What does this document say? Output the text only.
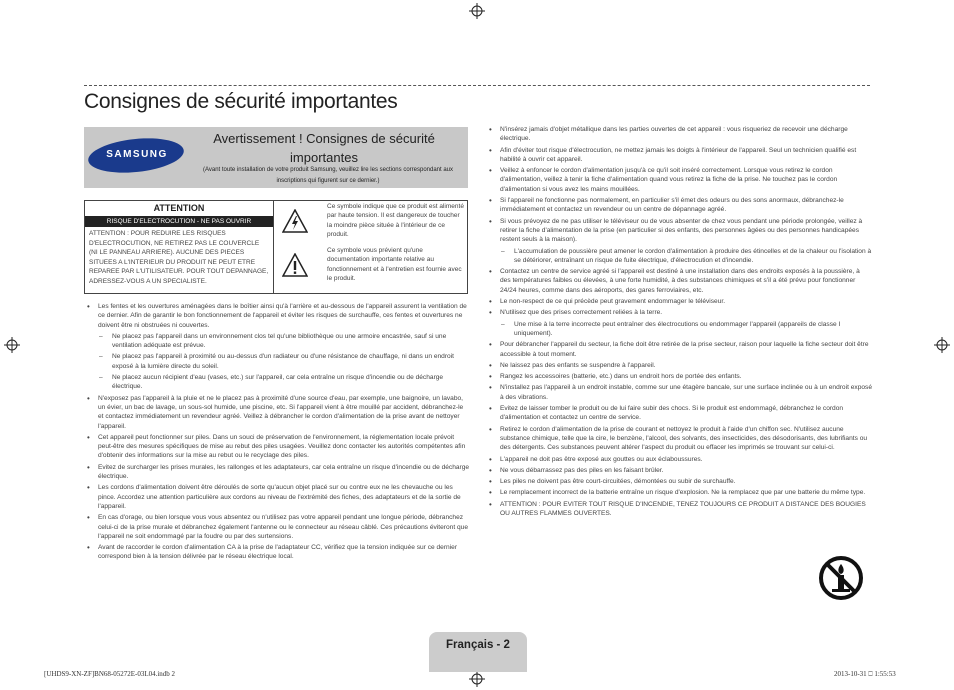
Consignes de sécurité importantes
SAMSUNG
Avertissement ! Consignes de sécurité importantes
(Avant toute installation de votre produit Samsung, veuillez lire les sections correspondant aux inscriptions qui figurent sur ce dernier.)
ATTENTION
RISQUE D'ELECTROCUTION - NE PAS OUVRIR
ATTENTION : POUR REDUIRE LES RISQUES D'ELECTROCUTION, NE RETIREZ PAS LE COUVERCLE (NI LE PANNEAU ARRIERE). AUCUNE DES PIECES SITUEES A L'INTERIEUR DU PRODUIT NE PEUT ETRE REPAREE PAR L'UTILISATEUR. POUR TOUT DEPANNAGE, ADRESSEZ-VOUS A UN SPECIALISTE.
Ce symbole indique que ce produit est alimenté par haute tension. Il est dangereux de toucher la moindre pièce située à l'intérieur de ce produit.
Ce symbole vous prévient qu'une documentation importante relative au fonctionnement et à l'entretien est fournie avec le produit.
• Les fentes et les ouvertures aménagées dans le boîtier ainsi qu'à l'arrière et au-dessous de l'appareil assurent la ventilation de ce dernier. Afin de garantir le bon fonctionnement de l'appareil et éviter les risques de surchauffe, ces fentes et ouvertures ne doivent être ni obstruées ni couvertes.
– Ne placez pas l'appareil dans un environnement clos tel qu'une bibliothèque ou une armoire encastrée, sauf si une ventilation adéquate est prévue.
– Ne placez pas l'appareil à proximité ou au-dessus d'un radiateur ou d'une résistance de chauffage, ni dans un endroit exposé à la lumière directe du soleil.
– Ne placez aucun récipient d'eau (vases, etc.) sur l'appareil, car cela entraîne un risque d'incendie ou de décharge électrique.
• N'exposez pas l'appareil à la pluie et ne le placez pas à proximité d'une source d'eau, par exemple, une baignoire, un lavabo, un évier, un bac de lavage, un sous-sol humide, une piscine, etc. Si l'appareil vient à être mouillé par accident, débranchez-le et contactez immédiatement un revendeur agréé. Veillez à débrancher le cordon d'alimentation de la prise avant de nettoyer l'appareil.
• Cet appareil peut fonctionner sur piles. Dans un souci de préservation de l'environnement, la réglementation locale prévoit peut-être des mesures spécifiques de mise au rebut des piles usagées. Veuillez donc contacter les autorités compétentes afin d'obtenir des informations sur la mise au rebut ou le recyclage des piles.
• Evitez de surcharger les prises murales, les rallonges et les adaptateurs, car cela entraîne un risque d'incendie ou de décharge électrique.
• Les cordons d'alimentation doivent être déroulés de sorte qu'aucun objet placé sur ou contre eux ne les chevauche ou les pince. Accordez une attention particulière aux cordons au niveau de l'extrémité des fiches, des adaptateurs et de la sortie de l'appareil.
• En cas d'orage, ou bien lorsque vous vous absentez ou n'utilisez pas votre appareil pendant une longue période, débranchez celui-ci de la prise murale et débranchez également l'antenne ou le connecteur au réseau câblé. Ces précautions éviteront que l'appareil ne soit endommagé par la foudre ou par des surtensions.
• Avant de raccorder le cordon d'alimentation CA à la prise de l'adaptateur CC, vérifiez que la tension indiquée sur ce dernier correspond bien à la tension délivrée par le réseau électrique local.
• N'insérez jamais d'objet métallique dans les parties ouvertes de cet appareil : vous risqueriez de recevoir une décharge électrique.
• Afin d'éviter tout risque d'électrocution, ne mettez jamais les doigts à l'intérieur de l'appareil. Seul un technicien qualifié est habilité à ouvrir cet appareil.
• Veillez à enfoncer le cordon d'alimentation jusqu'à ce qu'il soit inséré correctement. Lorsque vous retirez le cordon d'alimentation, veillez à tenir la fiche d'alimentation quand vous retirez la fiche de la prise. Ne touchez pas le cordon d'alimentation si vous avez les mains mouillées.
• Si l'appareil ne fonctionne pas normalement, en particulier s'il émet des odeurs ou des sons anormaux, débranchez-le immédiatement et contactez un revendeur ou un centre de dépannage agréé.
• Si vous prévoyez de ne pas utiliser le téléviseur ou de vous absenter de chez vous pendant une période prolongée, veillez à retirer la fiche d'alimentation de la prise (en particulier si des enfants, des personnes âgées ou des personnes handicapées restent seuls à la maison).
– L'accumulation de poussière peut amener le cordon d'alimentation à produire des étincelles et de la chaleur ou l'isolation à se détériorer, entraînant un risque de fuite électrique, d'électrocution et d'incendie.
• Contactez un centre de service agréé si l'appareil est destiné à une installation dans des endroits exposés à la poussière, à des températures faibles ou élevées, à une forte humidité, à des substances chimiques et s'il a été prévu pour fonctionner 24/24 heures, comme dans des aéroports, des gares ferroviaires, etc.
• Le non-respect de ce qui précède peut gravement endommager le téléviseur.
• N'utilisez que des prises correctement reliées à la terre.
– Une mise à la terre incorrecte peut entraîner des électrocutions ou endommager l'appareil (appareils de classe I uniquement).
• Pour débrancher l'appareil du secteur, la fiche doit être retirée de la prise secteur, raison pour laquelle la fiche secteur doit être accessible à tout moment.
• Ne laissez pas des enfants se suspendre à l'appareil.
• Rangez les accessoires (batterie, etc.) dans un endroit hors de portée des enfants.
• N'installez pas l'appareil à un endroit instable, comme sur une étagère bancale, sur une surface inclinée ou à un endroit exposé à des vibrations.
• Evitez de laisser tomber le produit ou de lui faire subir des chocs. Si le produit est endommagé, débranchez le cordon d'alimentation et contactez un centre de service.
• Retirez le cordon d'alimentation de la prise de courant et nettoyez le produit à l'aide d'un chiffon sec. N'utilisez aucune substance chimique, telle que la cire, le benzène, l'alcool, des solvants, des insecticides, des désodorisants, des lubrifiants ou des détergents. Ces substances peuvent altérer l'aspect du produit ou effacer les imprimés se trouvant sur celui-ci.
• L'appareil ne doit pas être exposé aux gouttes ou aux éclaboussures.
• Ne vous débarrassez pas des piles en les faisant brûler.
• Les piles ne doivent pas être court-circuitées, démontées ou subir de surchauffe.
• Le remplacement incorrect de la batterie entraîne un risque d'explosion. Ne la remplacez que par une batterie du même type.
• ATTENTION : POUR EVITER TOUT RISQUE D'INCENDIE, TENEZ TOUJOURS CE PRODUIT A DISTANCE DES BOUGIES OU AUTRES FLAMMES OUVERTES.
Français - 2
[UHDS9-XN-ZF]BN68-05272E-03L04.indb 2	2013-10-31 ⎕ 1:55:53
